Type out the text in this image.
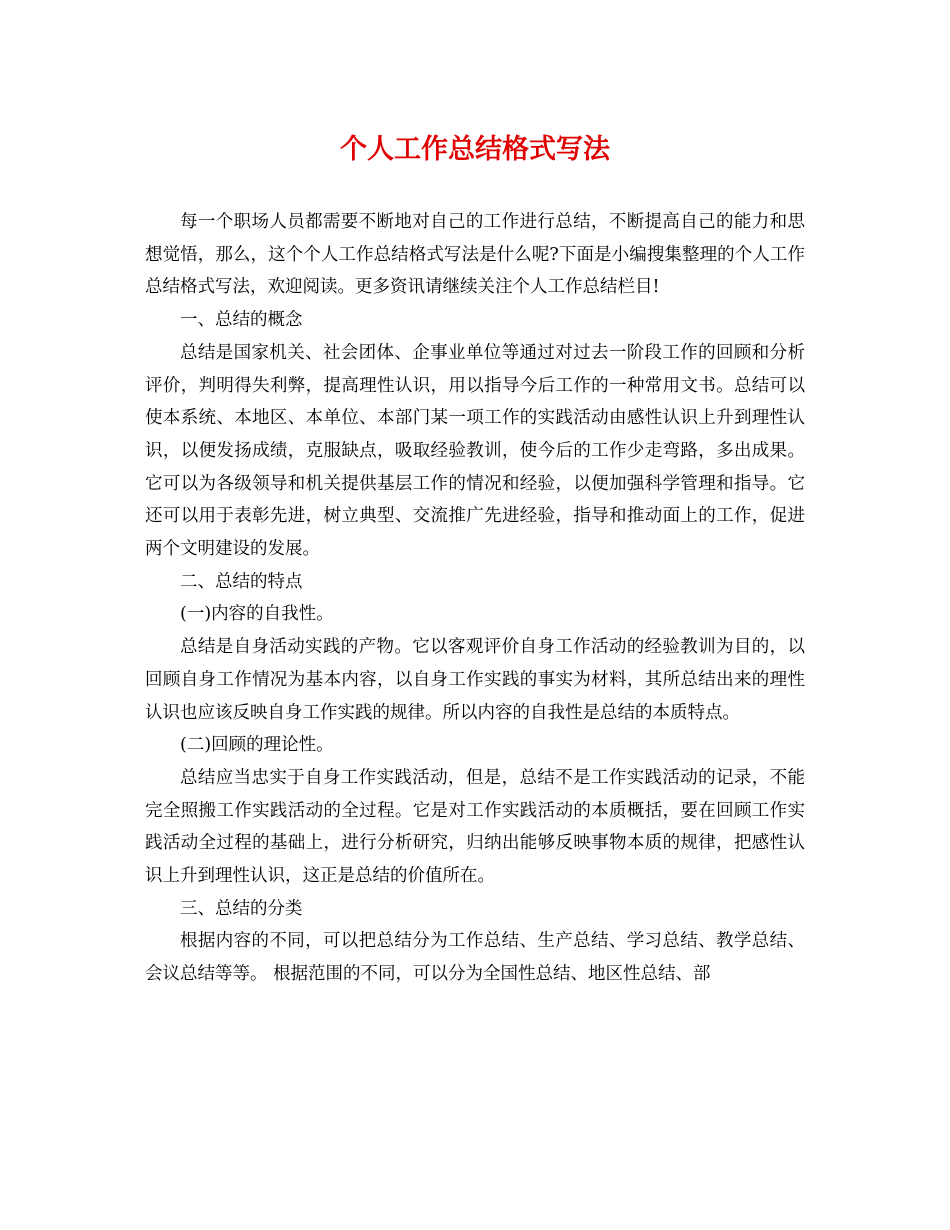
个人工作总结格式写法

每一个职场人员都需要不断地对自己的工作进行总结，不断提高自己的能力和思想觉悟，那么，这个个人工作总结格式写法是什么呢?下面是小编搜集整理的个人工作总结格式写法，欢迎阅读。更多资讯请继续关注个人工作总结栏目!

一、总结的概念

总结是国家机关、社会团体、企事业单位等通过对过去一阶段工作的回顾和分析评价，判明得失利弊，提高理性认识，用以指导今后工作的一种常用文书。总结可以使本系统、本地区、本单位、本部门某一项工作的实践活动由感性认识上升到理性认识，以便发扬成绩，克服缺点，吸取经验教训，使今后的工作少走弯路，多出成果。它可以为各级领导和机关提供基层工作的情况和经验，以便加强科学管理和指导。它还可以用于表彰先进，树立典型、交流推广先进经验，指导和推动面上的工作，促进两个文明建设的发展。

二、总结的特点

(一)内容的自我性。

总结是自身活动实践的产物。它以客观评价自身工作活动的经验教训为目的，以回顾自身工作情况为基本内容，以自身工作实践的事实为材料，其所总结出来的理性认识也应该反映自身工作实践的规律。所以内容的自我性是总结的本质特点。

(二)回顾的理论性。

总结应当忠实于自身工作实践活动，但是，总结不是工作实践活动的记录，不能完全照搬工作实践活动的全过程。它是对工作实践活动的本质概括，要在回顾工作实践活动全过程的基础上，进行分析研究，归纳出能够反映事物本质的规律，把感性认识上升到理性认识，这正是总结的价值所在。

三、总结的分类

根据内容的不同，可以把总结分为工作总结、生产总结、学习总结、教学总结、会议总结等等。 根据范围的不同，可以分为全国性总结、地区性总结、部
